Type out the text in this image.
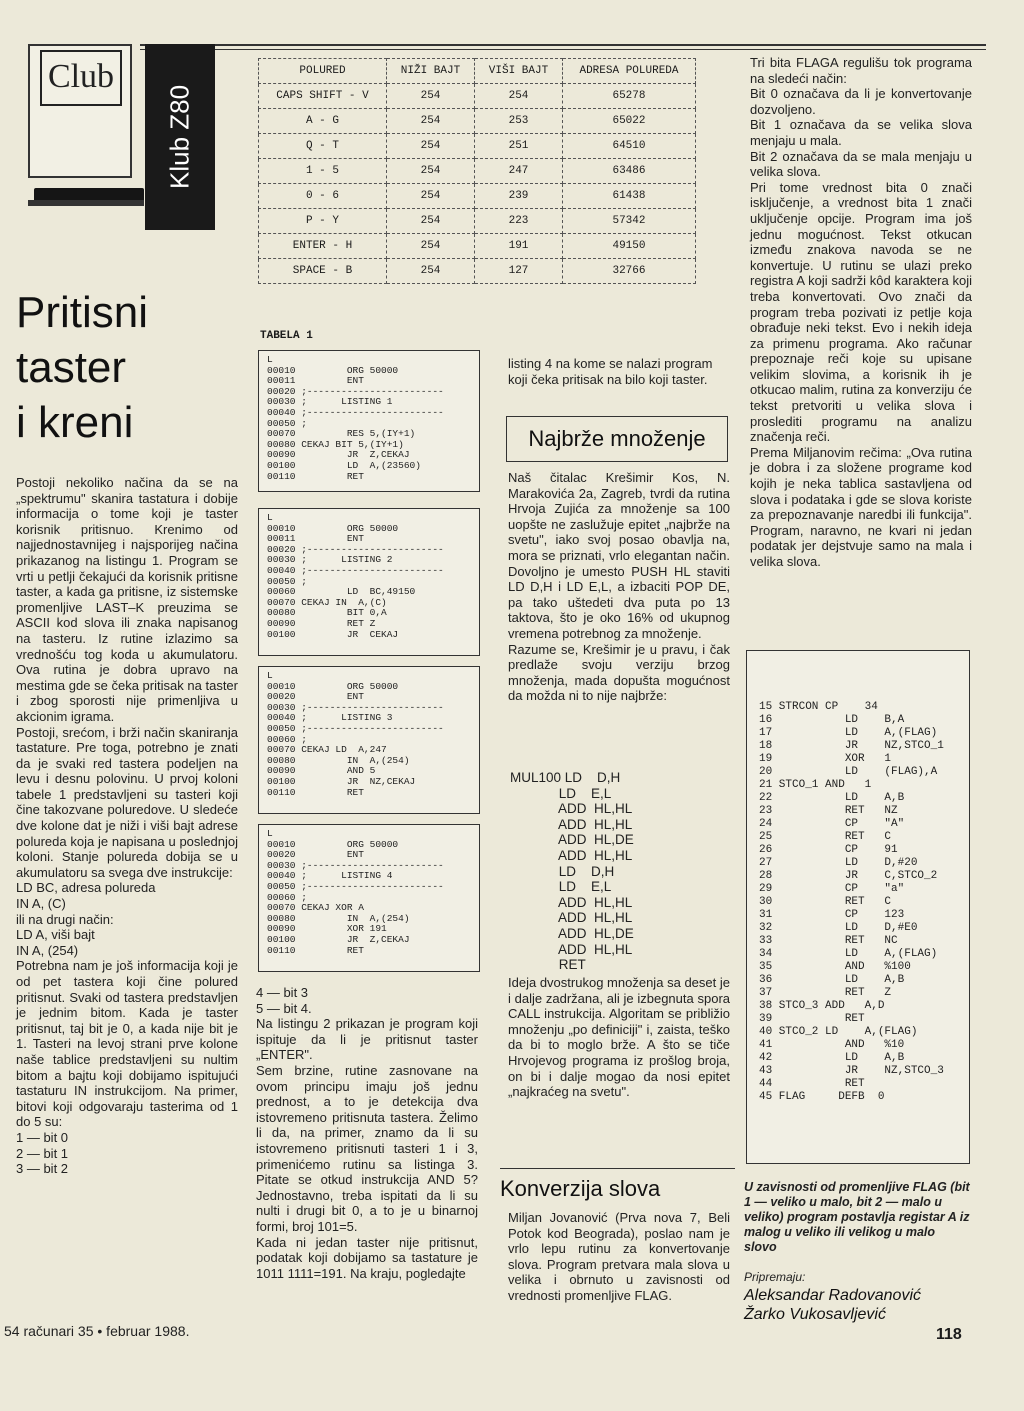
Club
Klub Z80
Pritisni
taster
i kreni
Postoji nekoliko načina da se na „spektrumu" skanira tastatura i dobije informacija o tome koji je taster korisnik pritisnuo. Krenimo od najjednostavnijeg i najsporijeg načina prikazanog na listingu 1. Program se vrti u petlji čekajući da korisnik pritisne taster, a kada ga pritisne, iz sistemske promenljive LAST–K preuzima se ASCII kod slova ili znaka napisanog na tasteru. Iz rutine izlazimo sa vrednošću tog koda u akumulatoru. Ova rutina je dobra upravo na mestima gde se čeka pritisak na taster i zbog sporosti nije primenljiva u akcionim igrama.
Postoji, srećom, i brži način skaniranja tastature. Pre toga, potrebno je znati da je svaki red tastera podeljen na levu i desnu polovinu. U prvoj koloni tabele 1 predstavljeni su tasteri koji čine takozvane poluredove. U sledeće dve kolone dat je niži i viši bajt adrese polureda koja je napisana u poslednjoj koloni. Stanje polureda dobija se u akumulatoru sa svega dve instrukcije:
LD BC, adresa polureda
IN A, (C)
ili na drugi način:
LD A, viši bajt
IN A, (254)
Potrebna nam je još informacija koji je od pet tastera koji čine polured pritisnut. Svaki od tastera predstavljen je jednim bitom. Kada je taster pritisnut, taj bit je 0, a kada nije bit je 1. Tasteri na levoj strani prve kolone naše tablice predstavljeni su nultim bitom a bajtu koji dobijamo ispitujući tastaturu IN instrukcijom. Na primer, bitovi koji odgovaraju tasterima od 1 do 5 su:
1 — bit 0
2 — bit 1
3 — bit 2
POLURED	NIŽI BAJT	VIŠI BAJT	ADRESA POLUREDA
CAPS SHIFT - V	254	254	65278
A - G	254	253	65022
Q - T	254	251	64510
1 - 5	254	247	63486
0 - 6	254	239	61438
P - Y	254	223	57342
ENTER - H	254	191	49150
SPACE - B	254	127	32766
TABELA 1
L
00010         ORG 50000
00011         ENT
00020 ;------------------------
00030 ;      LISTING 1
00040 ;------------------------
00050 ;
00070         RES 5,(IY+1)
00080 CEKAJ BIT 5,(IY+1)
00090         JR  Z,CEKAJ
00100         LD  A,(23560)
00110         RET
L
00010         ORG 50000
00011         ENT
00020 ;------------------------
00030 ;      LISTING 2
00040 ;------------------------
00050 ;
00060         LD  BC,49150
00070 CEKAJ IN  A,(C)
00080         BIT 0,A
00090         RET Z
00100         JR  CEKAJ
L
00010         ORG 50000
00020         ENT
00030 ;------------------------
00040 ;      LISTING 3
00050 ;------------------------
00060 ;
00070 CEKAJ LD  A,247
00080         IN  A,(254)
00090         AND 5
00100         JR  NZ,CEKAJ
00110         RET
L
00010         ORG 50000
00020         ENT
00030 ;------------------------
00040 ;      LISTING 4
00050 ;------------------------
00060 ;
00070 CEKAJ XOR A
00080         IN  A,(254)
00090         XOR 191
00100         JR  Z,CEKAJ
00110         RET
4 — bit 3
5 — bit 4.
Na listingu 2 prikazan je program koji ispituje da li je pritisnut taster „ENTER".
Sem brzine, rutine zasnovane na ovom principu imaju još jednu prednost, a to je detekcija dva istovremeno pritisnuta tastera. Želimo li da, na primer, znamo da li su istovremeno pritisnuti tasteri 1 i 3, primenićemo rutinu sa listinga 3. Pitate se otkud instrukcija AND 5? Jednostavno, treba ispitati da li su nulti i drugi bit 0, a to je u binarnoj formi, broj 101=5.
Kada ni jedan taster nije pritisnut, podatak koji dobijamo sa tastature je 1011 1111=191. Na kraju, pogledajte
listing 4 na kome se nalazi program koji čeka pritisak na bilo koji taster.
Najbrže množenje
Naš čitalac Krešimir Kos, N. Marakovića 2a, Zagreb, tvrdi da rutina Hrvoja Zujića za množenje sa 100 uopšte ne zaslužuje epitet „najbrže na svetu", iako svoj posao obavlja na, mora se priznati, vrlo elegantan način. Dovoljno je umesto PUSH HL staviti LD D,H i LD E,L, a izbaciti POP DE, pa tako uštedeti dva puta po 13 taktova, što je oko 16% od ukupnog vremena potrebnog za množenje.
Razume se, Krešimir je u pravu, i čak predlaže svoju verziju brzog množenja, mada dopušta mogućnost da možda ni to nije najbrže:
MUL100 LD    D,H
LD    E,L
ADD  HL,HL
ADD  HL,HL
ADD  HL,DE
ADD  HL,HL
LD    D,H
LD    E,L
ADD  HL,HL
ADD  HL,HL
ADD  HL,DE
ADD  HL,HL
RET
Ideja dvostrukog množenja sa deset je i dalje zadržana, ali je izbegnuta spora CALL instrukcija. Algoritam se približio množenju „po definiciji" i, zaista, teško da bi to moglo brže. A što se tiče Hrvojevog programa iz prošlog broja, on bi i dalje mogao da nosi epitet „najkraćeg na svetu".
Konverzija slova
Miljan Jovanović (Prva nova 7, Beli Potok kod Beograda), poslao nam je vrlo lepu rutinu za konvertovanje slova. Program pretvara mala slova u velika i obrnuto u zavisnosti od vrednosti promenljive FLAG.
Tri bita FLAGA regulišu tok programa na sledeći način:
Bit 0 označava da li je konvertovanje dozvoljeno.
Bit 1 označava da se velika slova menjaju u mala.
Bit 2 označava da se mala menjaju u velika slova.
Pri tome vrednost bita 0 znači isključenje, a vrednost bita 1 znači uključenje opcije. Program ima još jednu mogućnost. Tekst otkucan između znakova navoda se ne konvertuje. U rutinu se ulazi preko registra A koji sadrži kôd karaktera koji treba konvertovati. Ovo znači da program treba pozivati iz petlje koja obrađuje neki tekst. Evo i nekih ideja za primenu programa. Ako računar prepoznaje reči koje su upisane velikim slovima, a korisnik ih je otkucao malim, rutina za konverziju će tekst pretvoriti u velika slova i proslediti programu na analizu značenja reči.
Prema Miljanovim rečima: „Ova rutina je dobra i za složene programe kod kojih je neka tablica sastavljena od slova i podataka i gde se slova koriste za prepoznavanje naredbi ili funkcija". Program, naravno, ne kvari ni jedan podatak jer dejstvuje samo na mala i velika slova.
15 STRCON CP    34
16           LD    B,A
17           LD    A,(FLAG)
18           JR    NZ,STCO_1
19           XOR   1
20           LD    (FLAG),A
21 STCO_1 AND   1
22           LD    A,B
23           RET   NZ
24           CP    "A"
25           RET   C
26           CP    91
27           LD    D,#20
28           JR    C,STCO_2
29           CP    "a"
30           RET   C
31           CP    123
32           LD    D,#E0
33           RET   NC
34           LD    A,(FLAG)
35           AND   %100
36           LD    A,B
37           RET   Z
38 STCO_3 ADD   A,D
39           RET
40 STCO_2 LD    A,(FLAG)
41           AND   %10
42           LD    A,B
43           JR    NZ,STCO_3
44           RET
45 FLAG     DEFB  0
U zavisnosti od promenljive FLAG (bit 1 — veliko u malo, bit 2 — malo u veliko) program postavlja registar A iz malog u veliko ili velikog u malo slovo
Pripremaju:
Aleksandar Radovanović
Žarko Vukosavljević
54 računari 35 • februar 1988.	118
